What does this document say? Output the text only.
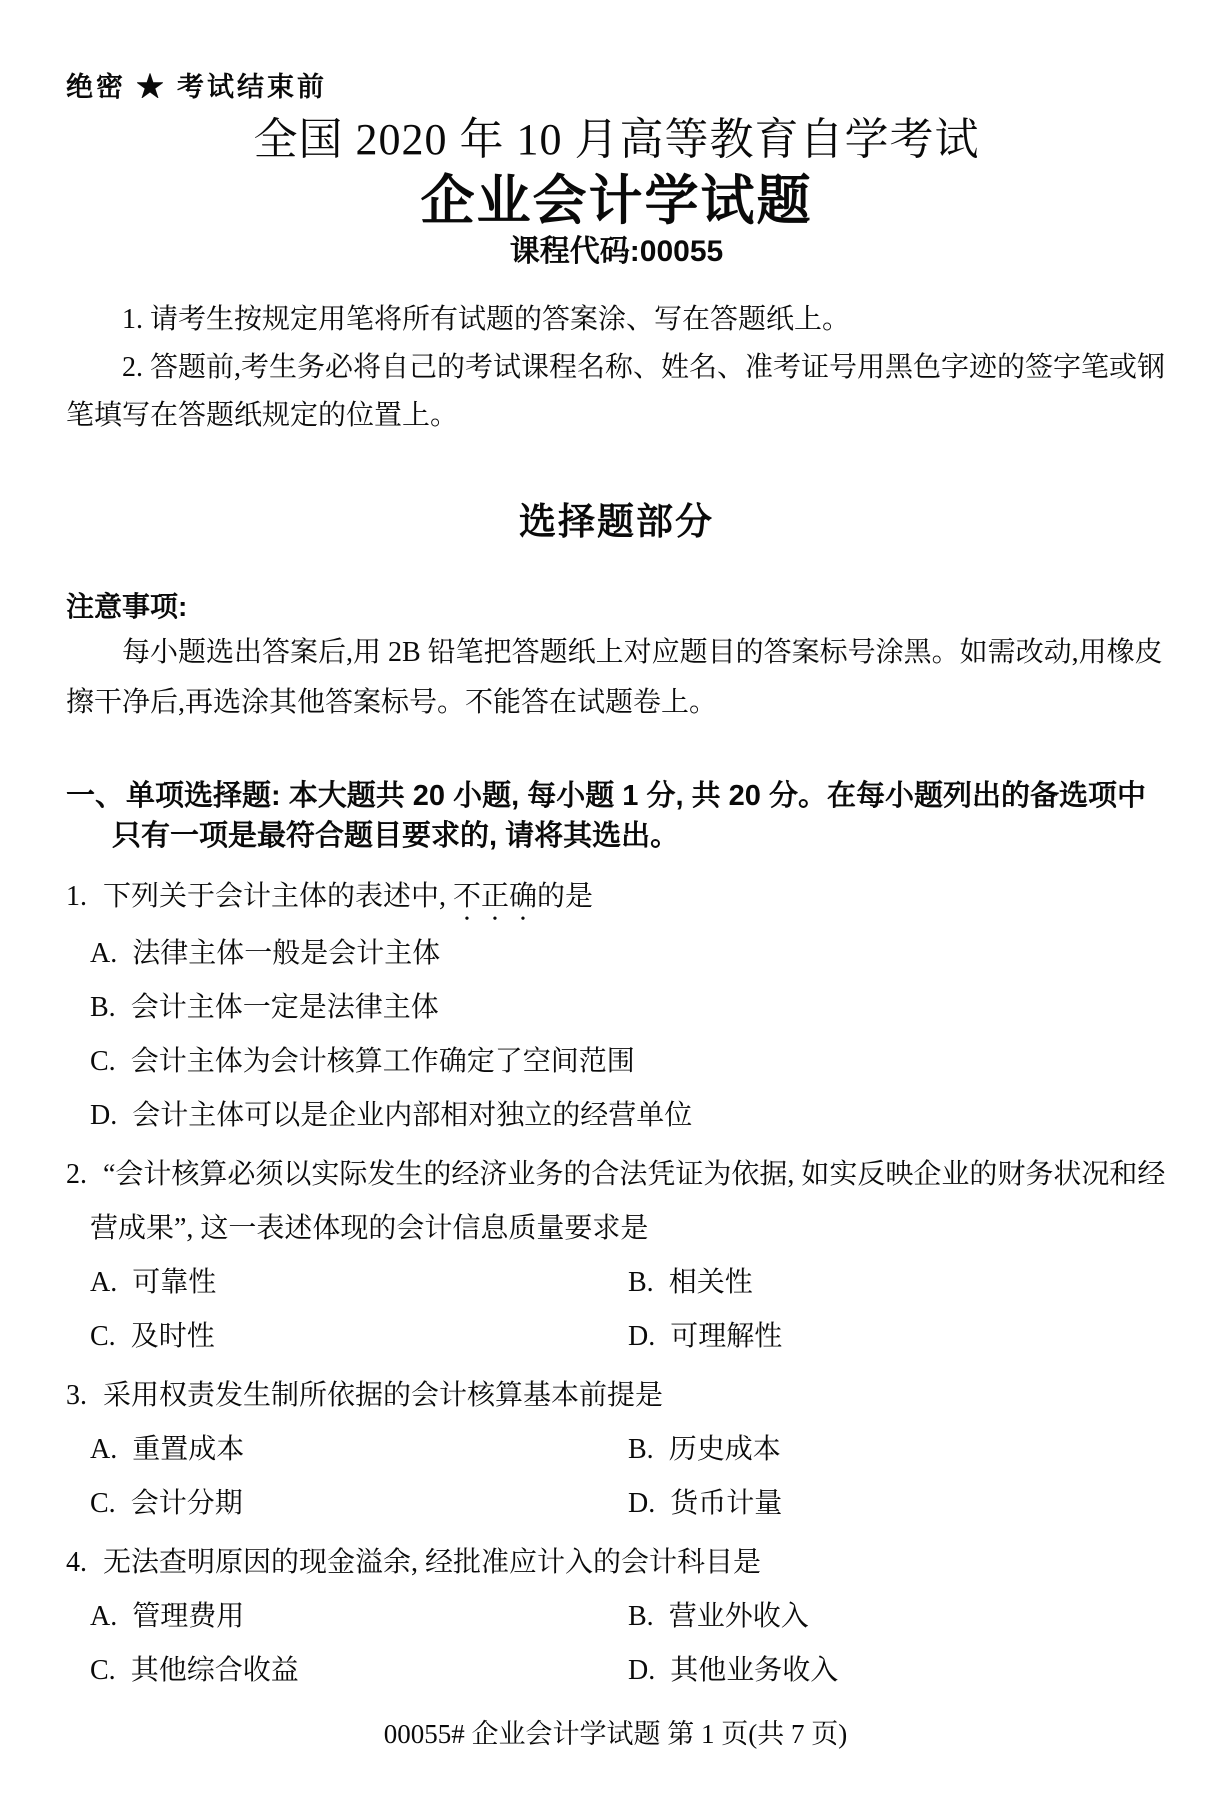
绝密 ★ 考试结束前
全国 2020 年 10 月高等教育自学考试
企业会计学试题
课程代码:00055

1. 请考生按规定用笔将所有试题的答案涂、写在答题纸上。

2. 答题前,考生务必将自己的考试课程名称、姓名、准考证号用黑色字迹的签字笔或钢笔填写在答题纸规定的位置上。

选择题部分
注意事项:

每小题选出答案后,用 2B 铅笔把答题纸上对应题目的答案标号涂黑。如需改动,用橡皮擦干净后,再选涂其他答案标号。不能答在试题卷上。

一、单项选择题: 本大题共 20 小题, 每小题 1 分, 共 20 分。在每小题列出的备选项中只有一项是最符合题目要求的, 请将其选出。

1. 下列关于会计主体的表述中, 不正确的是

A. 法律主体一般是会计主体
B. 会计主体一定是法律主体
C. 会计主体为会计核算工作确定了空间范围
D. 会计主体可以是企业内部相对独立的经营单位

2. “会计核算必须以实际发生的经济业务的合法凭证为依据, 如实反映企业的财务状况和经营成果”, 这一表述体现的会计信息质量要求是

A. 可靠性	B. 相关性
C. 及时性	D. 可理解性

3. 采用权责发生制所依据的会计核算基本前提是

A. 重置成本	B. 历史成本
C. 会计分期	D. 货币计量

4. 无法查明原因的现金溢余, 经批准应计入的会计科目是

A. 管理费用	B. 营业外收入
C. 其他综合收益	D. 其他业务收入
00055# 企业会计学试题 第 1 页(共 7 页)
